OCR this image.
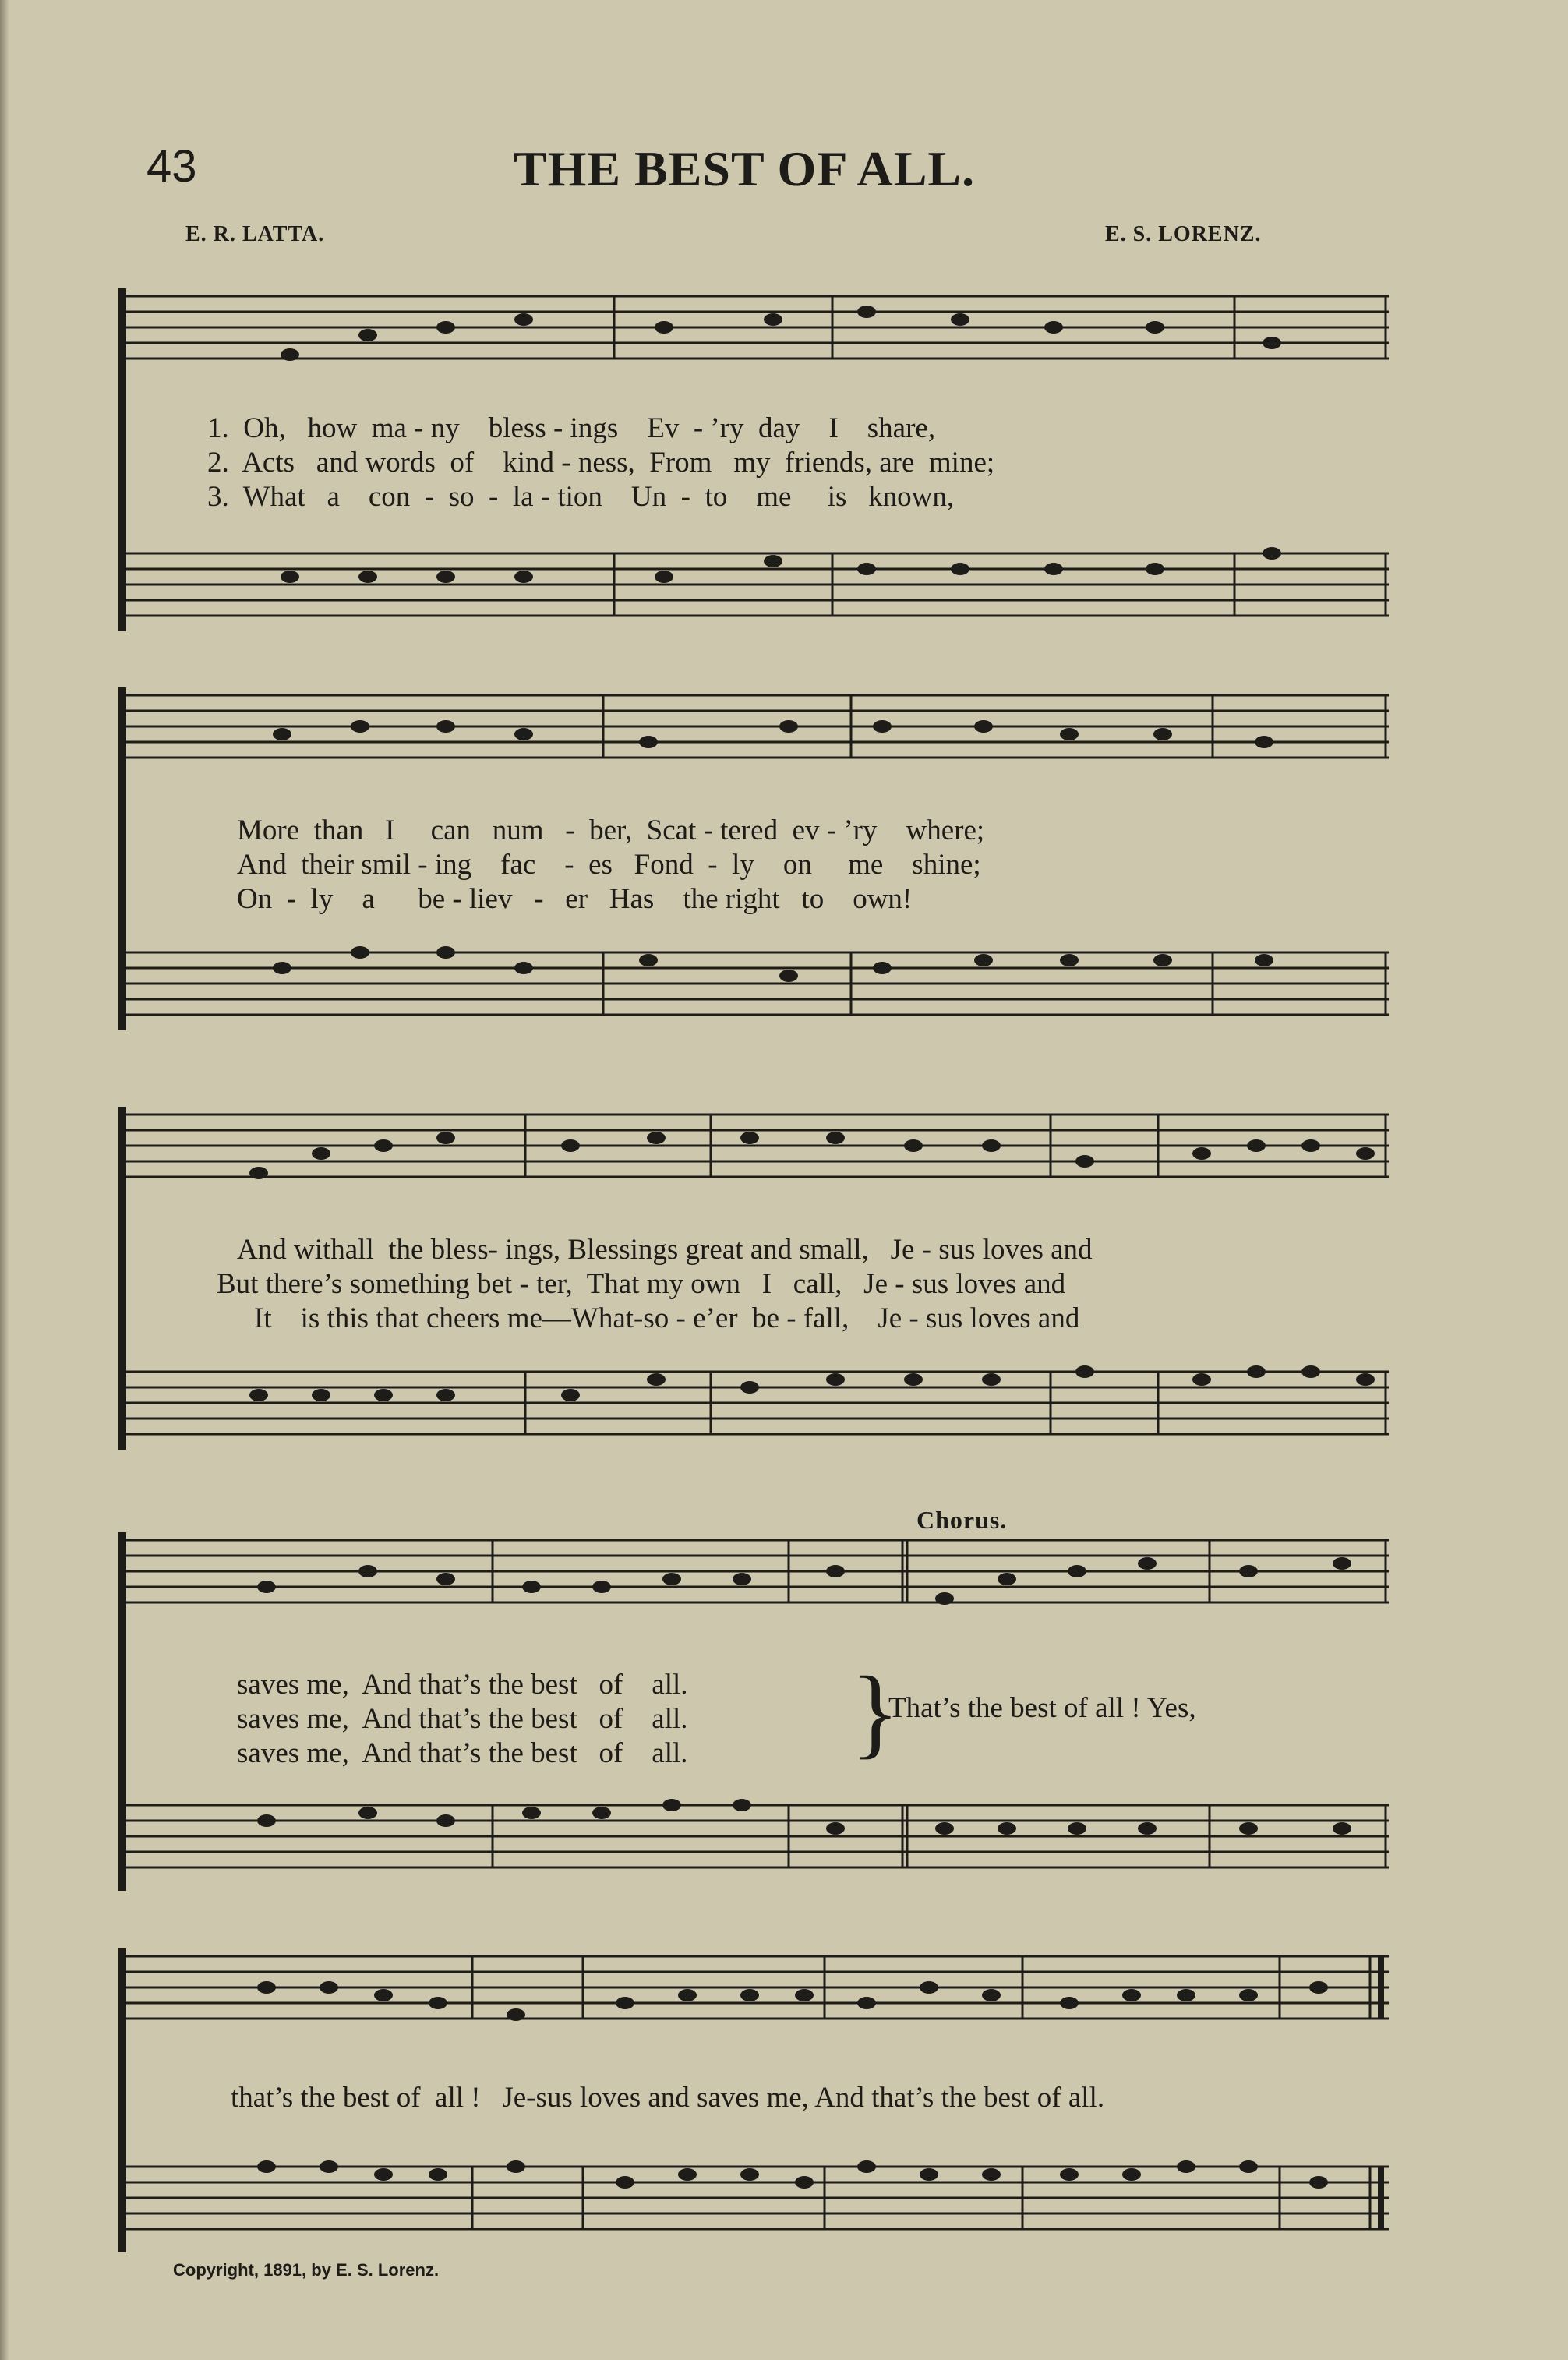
43	THE BEST OF ALL.
E. R. LATTA.	E. S. LORENZ.
1.  Oh,   how  ma - ny    bless - ings    Ev  - ’ry  day    I    share,
2.  Acts   and words  of    kind - ness,  From   my  friends, are  mine;
3.  What   a    con  -  so  -  la - tion    Un  -  to    me     is   known,
More  than   I     can   num   -  ber,  Scat - tered  ev - ’ry    where;
And  their smil - ing    fac    -  es   Fond  -  ly    on     me    shine;
On  -  ly    a      be - liev   -   er   Has    the right   to    own!
And withall  the bless- ings, Blessings great and small,   Je - sus loves and
But there’s something bet - ter,  That my own   I   call,   Je - sus loves and
It    is this that cheers me—What-so - e’er  be - fall,    Je - sus loves and
Chorus.
saves me,  And that’s the best   of    all.
saves me,  And that’s the best   of    all.
saves me,  And that’s the best   of    all. }
That’s the best of all ! Yes,
that’s the best of  all !   Je-sus loves and saves me, And that’s the best of all.
Copyright, 1891, by E. S. Lorenz.
